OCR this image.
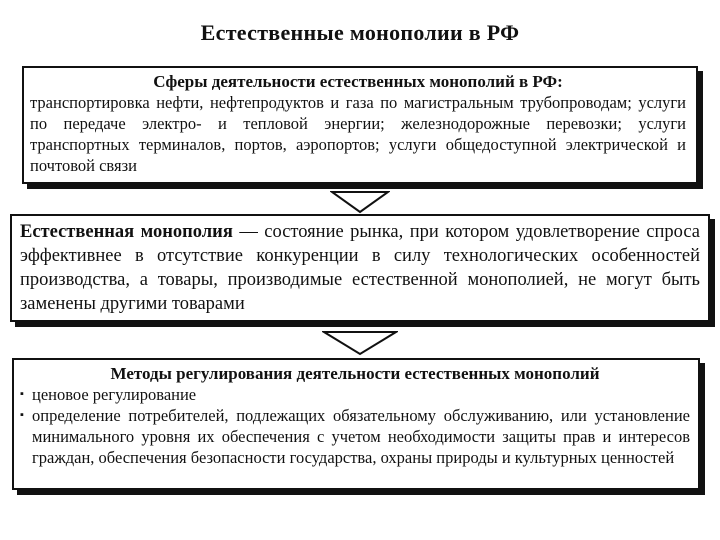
Естественные монополии в РФ
Сферы деятельности естественных монополий в РФ:
транспортировка нефти, нефтепродуктов и газа по магистральным трубопроводам; услуги по передаче электро- и тепловой энергии; железнодорожные перевозки; услуги транспортных терминалов, портов, аэропортов; услуги общедоступной электрической и почтовой связи
Естественная монополия — состояние рынка, при котором удовлетворение спроса эффективнее в отсутствие конкуренции в силу технологических особенностей производства, а товары, производимые естественной монополией, не могут быть заменены другими товарами
Методы регулирования деятельности естественных монополий
▪ ценовое регулирование
▪ определение потребителей, подлежащих обязательному обслуживанию, или установление минимального уровня их обеспечения с учетом необходимости защиты прав и интересов граждан, обеспечения безопасности государства, охраны природы и культурных ценностей
